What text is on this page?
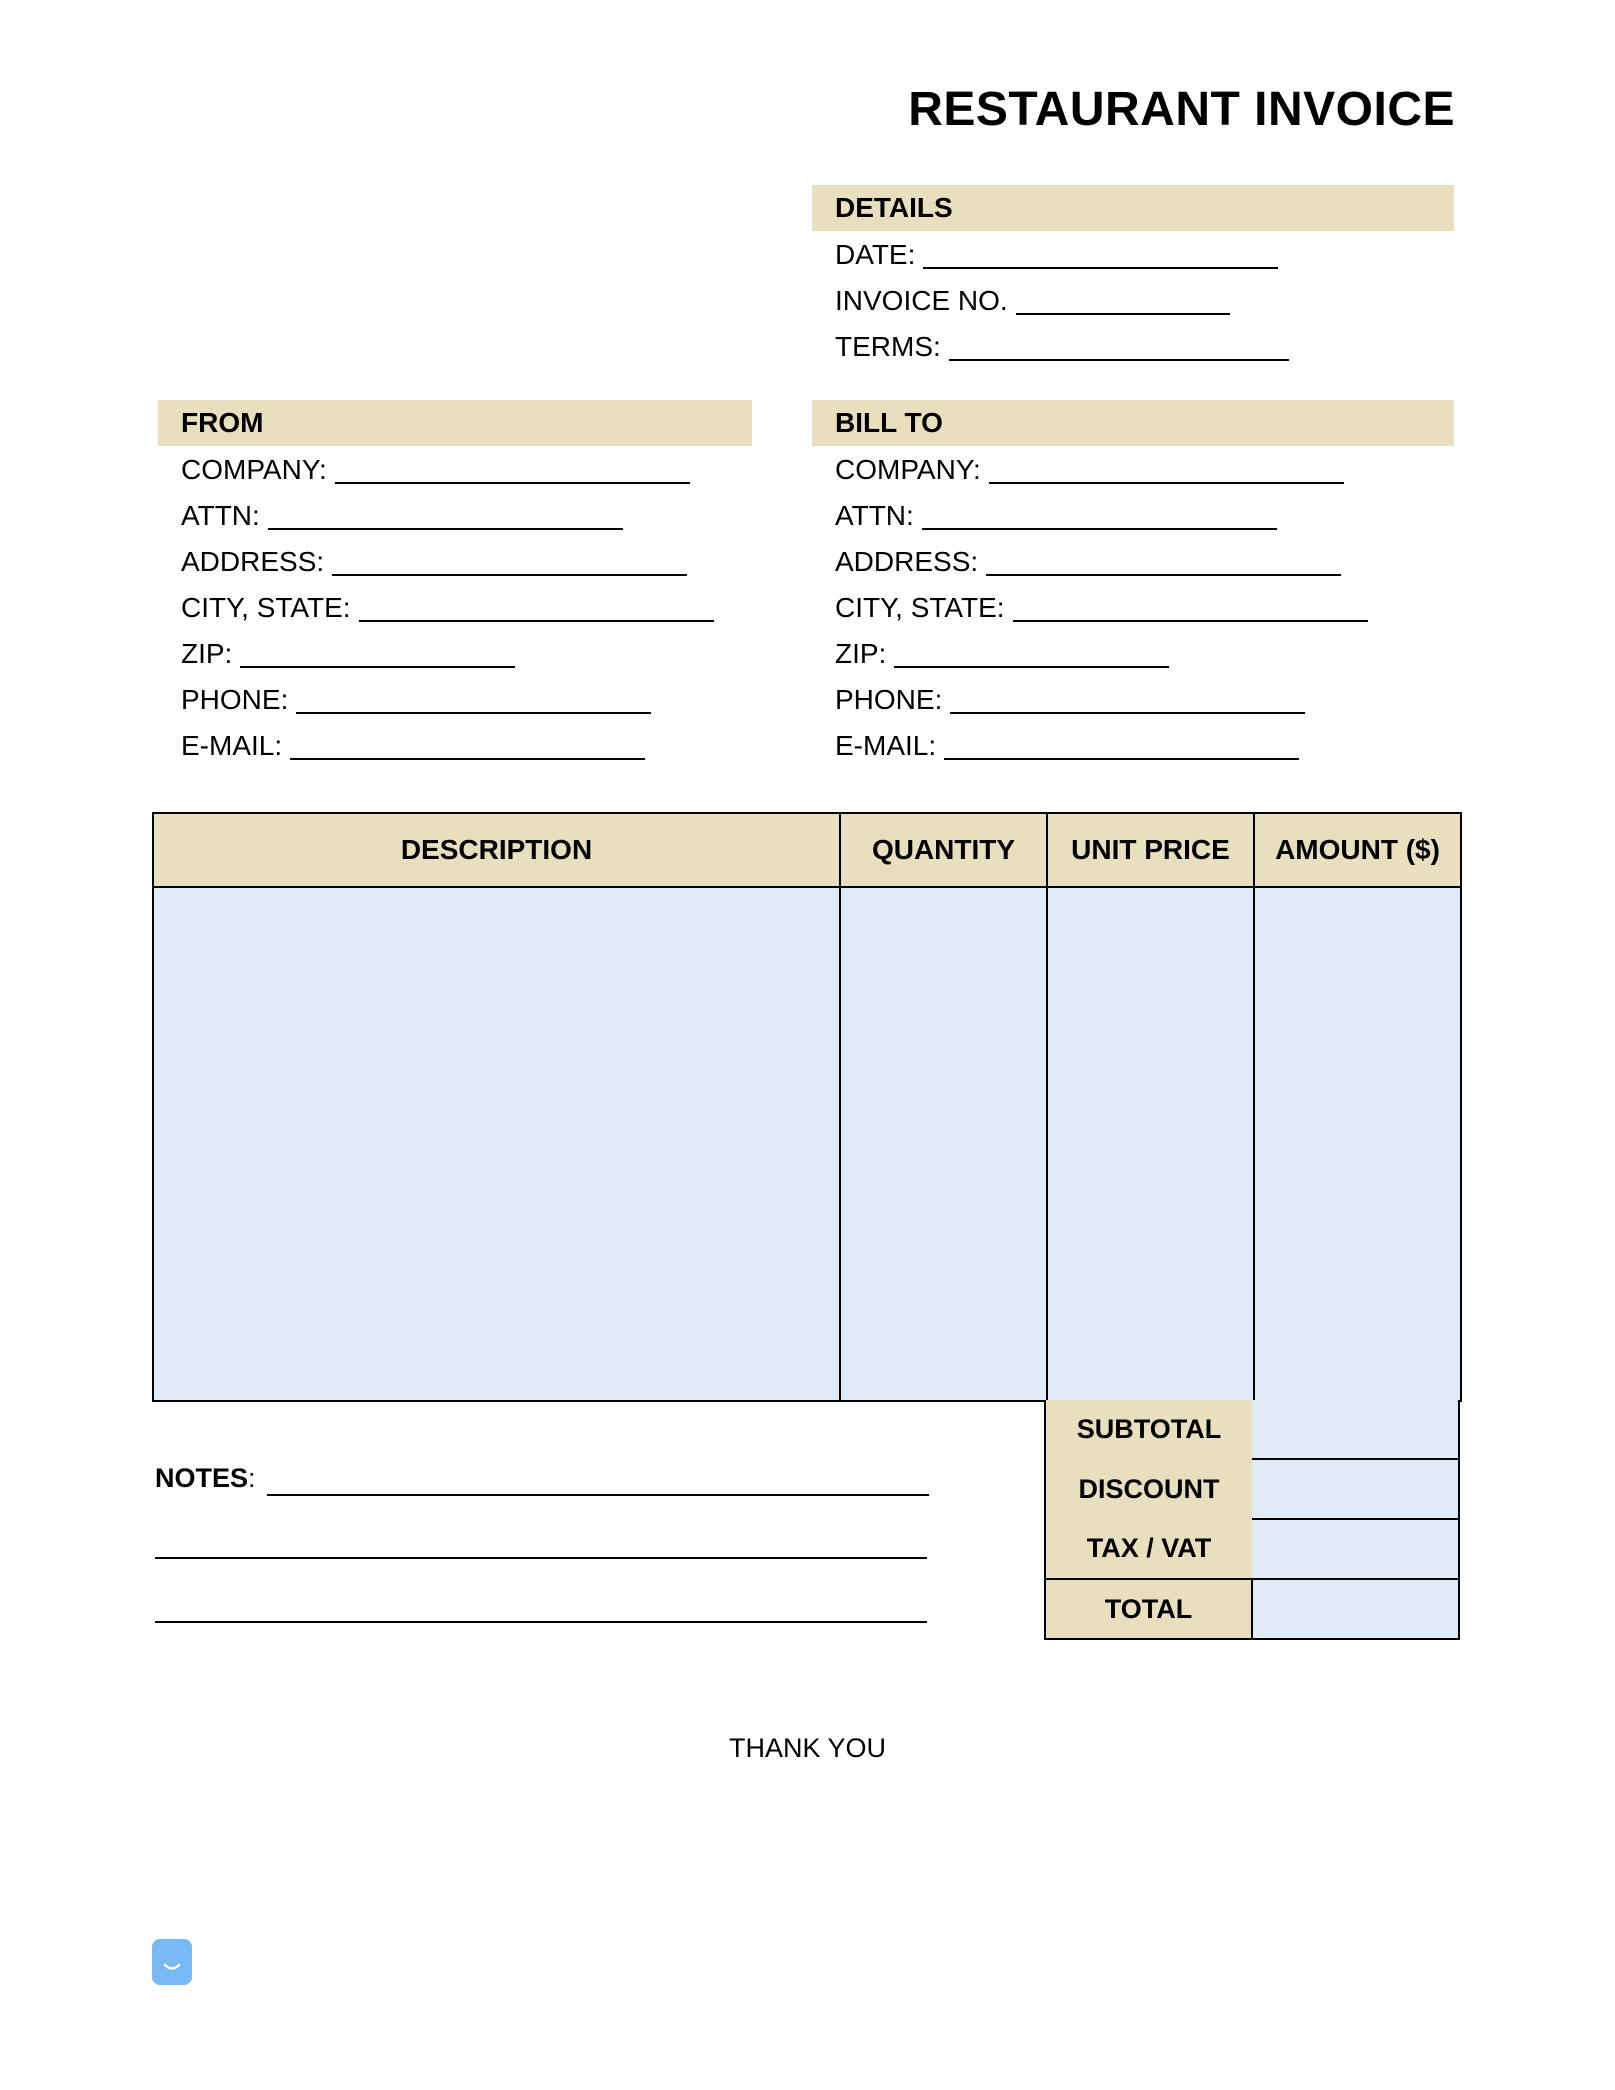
RESTAURANT INVOICE
DETAILS
DATE:
INVOICE NO.
TERMS:
FROM
COMPANY:
ATTN:
ADDRESS:
CITY, STATE:
ZIP:
PHONE:
E-MAIL:
BILL TO
COMPANY:
ATTN:
ADDRESS:
CITY, STATE:
ZIP:
PHONE:
E-MAIL:
DESCRIPTION	QUANTITY	UNIT PRICE	AMOUNT ($)

SUBTOTAL	
DISCOUNT	
TAX / VAT	
TOTAL	
NOTES:
THANK YOU
